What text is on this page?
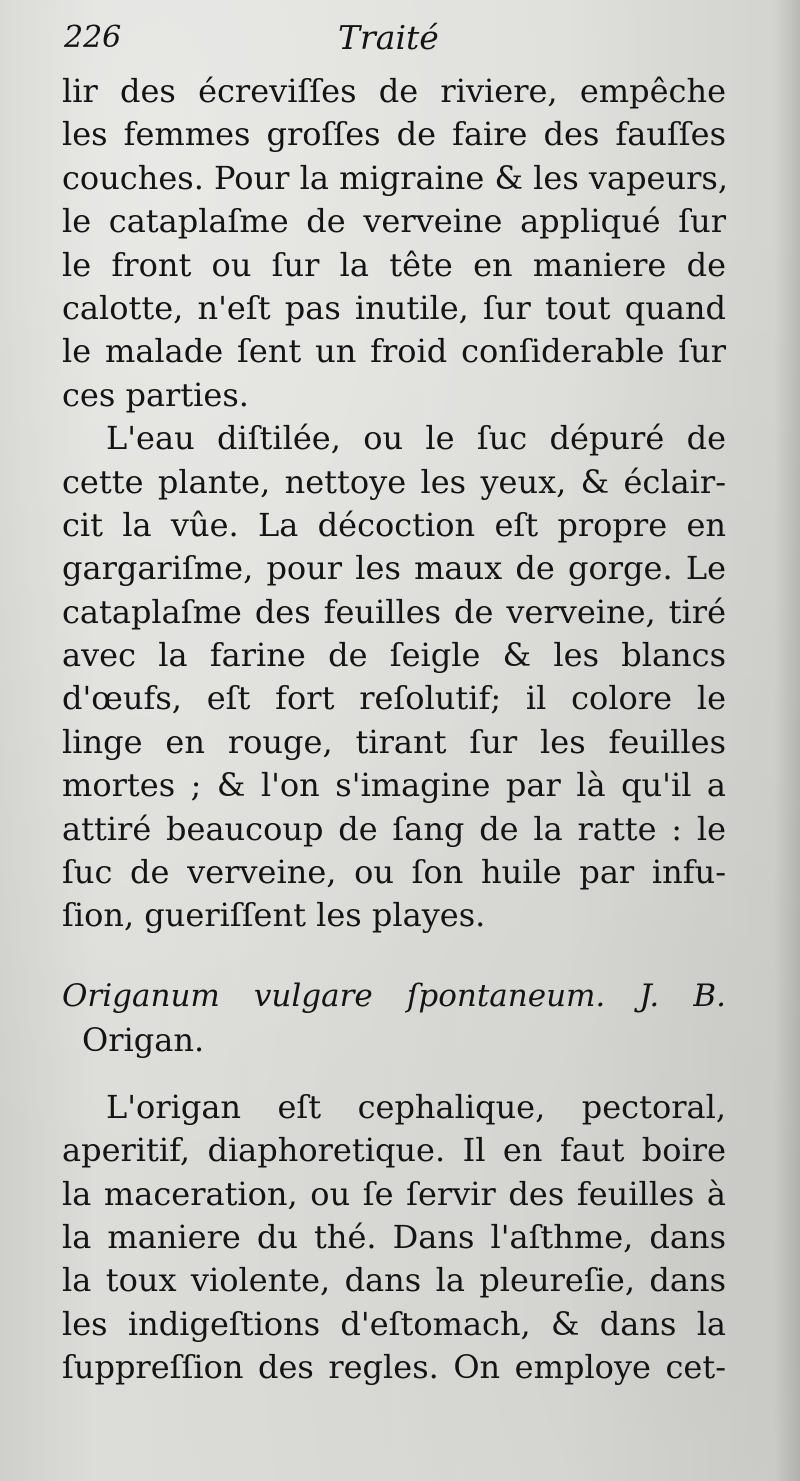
226	Traité
lir des écreviſſes de riviere, empêche
les femmes groſſes de faire des fauſſes
couches. Pour la migraine & les vapeurs,
le cataplaſme de verveine appliqué ſur
le front ou ſur la tête en maniere de
calotte, n'eſt pas inutile, ſur tout quand
le malade ſent un froid conſiderable ſur
ces parties.
L'eau diſtilée, ou le ſuc dépuré de
cette plante, nettoye les yeux, & éclair-
cit la vûe. La décoction eſt propre en
gargariſme, pour les maux de gorge. Le
cataplaſme des feuilles de verveine, tiré
avec la farine de ſeigle & les blancs
d'œufs, eſt fort reſolutif; il colore le
linge en rouge, tirant ſur les feuilles
mortes ; & l'on s'imagine par là qu'il a
attiré beaucoup de ſang de la ratte : le
ſuc de verveine, ou ſon huile par infu-
ſion, gueriſſent les playes.
Origanum vulgare ſpontaneum. J. B.
Origan.
L'origan eſt cephalique, pectoral,
aperitif, diaphoretique. Il en faut boire
la maceration, ou ſe ſervir des feuilles à
la maniere du thé. Dans l'aſthme, dans
la toux violente, dans la pleureſie, dans
les indigeſtions d'eſtomach, & dans la
ſuppreſſion des regles. On employe cet-
